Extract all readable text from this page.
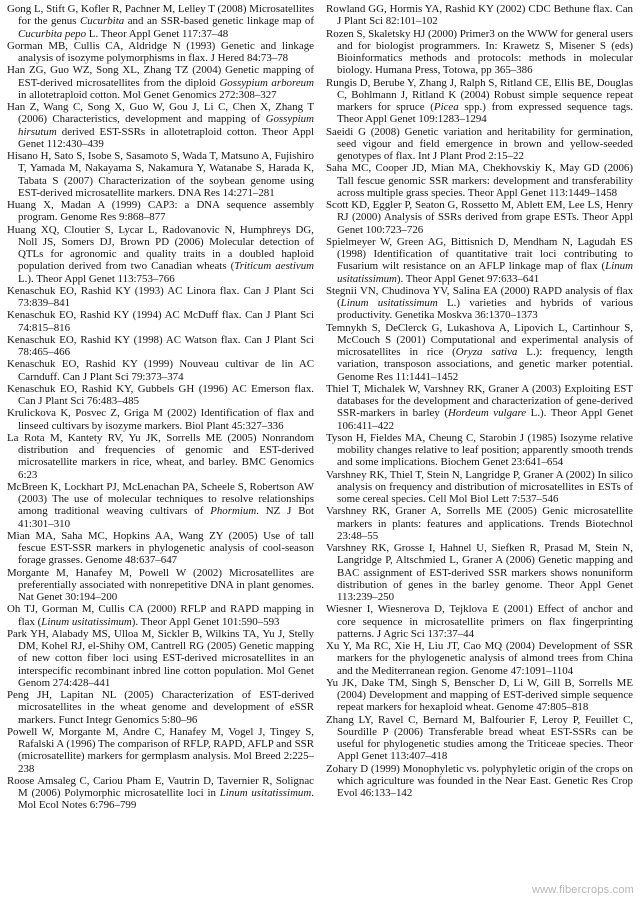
Gong L, Stift G, Kofler R, Pachner M, Lelley T (2008) Microsatellites for the genus Cucurbita and an SSR-based genetic linkage map of Cucurbita pepo L. Theor Appl Genet 117:37–48

Gorman MB, Cullis CA, Aldridge N (1993) Genetic and linkage analysis of isozyme polymorphisms in flax. J Hered 84:73–78

Han ZG, Guo WZ, Song XL, Zhang TZ (2004) Genetic mapping of EST-derived microsatellites from the diploid Gossypium arboreum in allotetraploid cotton. Mol Genet Genomics 272:308–327

Han Z, Wang C, Song X, Guo W, Gou J, Li C, Chen X, Zhang T (2006) Characteristics, development and mapping of Gossypium hirsutum derived EST-SSRs in allotetraploid cotton. Theor Appl Genet 112:430–439

Hisano H, Sato S, Isobe S, Sasamoto S, Wada T, Matsuno A, Fujishiro T, Yamada M, Nakayama S, Nakamura Y, Watanabe S, Harada K, Tabata S (2007) Characterization of the soybean genome using EST-derived microsatellite markers. DNA Res 14:271–281

Huang X, Madan A (1999) CAP3: a DNA sequence assembly program. Genome Res 9:868–877

Huang XQ, Cloutier S, Lycar L, Radovanovic N, Humphreys DG, Noll JS, Somers DJ, Brown PD (2006) Molecular detection of QTLs for agronomic and quality traits in a doubled haploid population derived from two Canadian wheats (Triticum aestivum L.). Theor Appl Genet 113:753–766

Kenaschuk EO, Rashid KY (1993) AC Linora flax. Can J Plant Sci 73:839–841

Kenaschuk EO, Rashid KY (1994) AC McDuff flax. Can J Plant Sci 74:815–816

Kenaschuk EO, Rashid KY (1998) AC Watson flax. Can J Plant Sci 78:465–466

Kenaschuk EO, Rashid KY (1999) Nouveau cultivar de lin AC Carnduff. Can J Plant Sci 79:373–374

Kenaschuk EO, Rashid KY, Gubbels GH (1996) AC Emerson flax. Can J Plant Sci 76:483–485

Krulickova K, Posvec Z, Griga M (2002) Identification of flax and linseed cultivars by isozyme markers. Biol Plant 45:327–336

La Rota M, Kantety RV, Yu JK, Sorrells ME (2005) Nonrandom distribution and frequencies of genomic and EST-derived microsatellite markers in rice, wheat, and barley. BMC Genomics 6:23

McBreen K, Lockhart PJ, McLenachan PA, Scheele S, Robertson AW (2003) The use of molecular techniques to resolve relationships among traditional weaving cultivars of Phormium. NZ J Bot 41:301–310

Mian MA, Saha MC, Hopkins AA, Wang ZY (2005) Use of tall fescue EST-SSR markers in phylogenetic analysis of cool-season forage grasses. Genome 48:637–647

Morgante M, Hanafey M, Powell W (2002) Microsatellites are preferentially associated with nonrepetitive DNA in plant genomes. Nat Genet 30:194–200

Oh TJ, Gorman M, Cullis CA (2000) RFLP and RAPD mapping in flax (Linum usitatissimum). Theor Appl Genet 101:590–593

Park YH, Alabady MS, Ulloa M, Sickler B, Wilkins TA, Yu J, Stelly DM, Kohel RJ, el-Shihy OM, Cantrell RG (2005) Genetic mapping of new cotton fiber loci using EST-derived microsatellites in an interspecific recombinant inbred line cotton population. Mol Genet Genom 274:428–441

Peng JH, Lapitan NL (2005) Characterization of EST-derived microsatellites in the wheat genome and development of eSSR markers. Funct Integr Genomics 5:80–96

Powell W, Morgante M, Andre C, Hanafey M, Vogel J, Tingey S, Rafalski A (1996) The comparison of RFLP, RAPD, AFLP and SSR (microsatellite) markers for germplasm analysis. Mol Breed 2:225–238

Roose Amsaleg C, Cariou Pham E, Vautrin D, Tavernier R, Solignac M (2006) Polymorphic microsatellite loci in Linum usitatissimum. Mol Ecol Notes 6:796–799

Rowland GG, Hormis YA, Rashid KY (2002) CDC Bethune flax. Can J Plant Sci 82:101–102

Rozen S, Skaletsky HJ (2000) Primer3 on the WWW for general users and for biologist programmers. In: Krawetz S, Misener S (eds) Bioinformatics methods and protocols: methods in molecular biology. Humana Press, Totowa, pp 365–386

Rungis D, Berube Y, Zhang J, Ralph S, Ritland CE, Ellis BE, Douglas C, Bohlmann J, Ritland K (2004) Robust simple sequence repeat markers for spruce (Picea spp.) from expressed sequence tags. Theor Appl Genet 109:1283–1294

Saeidi G (2008) Genetic variation and heritability for germination, seed vigour and field emergence in brown and yellow-seeded genotypes of flax. Int J Plant Prod 2:15–22

Saha MC, Cooper JD, Mian MA, Chekhovskiy K, May GD (2006) Tall fescue genomic SSR markers: development and transferability across multiple grass species. Theor Appl Genet 113:1449–1458

Scott KD, Eggler P, Seaton G, Rossetto M, Ablett EM, Lee LS, Henry RJ (2000) Analysis of SSRs derived from grape ESTs. Theor Appl Genet 100:723–726

Spielmeyer W, Green AG, Bittisnich D, Mendham N, Lagudah ES (1998) Identification of quantitative trait loci contributing to Fusarium wilt resistance on an AFLP linkage map of flax (Linum usitatissimum). Theor Appl Genet 97:633–641

Stegnii VN, Chudinova YV, Salina EA (2000) RAPD analysis of flax (Linum usitatissimum L.) varieties and hybrids of various productivity. Genetika Moskva 36:1370–1373

Temnykh S, DeClerck G, Lukashova A, Lipovich L, Cartinhour S, McCouch S (2001) Computational and experimental analysis of microsatellites in rice (Oryza sativa L.): frequency, length variation, transposon associations, and genetic marker potential. Genome Res 11:1441–1452

Thiel T, Michalek W, Varshney RK, Graner A (2003) Exploiting EST databases for the development and characterization of gene-derived SSR-markers in barley (Hordeum vulgare L.). Theor Appl Genet 106:411–422

Tyson H, Fieldes MA, Cheung C, Starobin J (1985) Isozyme relative mobility changes relative to leaf position; apparently smooth trends and some implications. Biochem Genet 23:641–654

Varshney RK, Thiel T, Stein N, Langridge P, Graner A (2002) In silico analysis on frequency and distribution of microsatellites in ESTs of some cereal species. Cell Mol Biol Lett 7:537–546

Varshney RK, Graner A, Sorrells ME (2005) Genic microsatellite markers in plants: features and applications. Trends Biotechnol 23:48–55

Varshney RK, Grosse I, Hahnel U, Siefken R, Prasad M, Stein N, Langridge P, Altschmied L, Graner A (2006) Genetic mapping and BAC assignment of EST-derived SSR markers shows nonuniform distribution of genes in the barley genome. Theor Appl Genet 113:239–250

Wiesner I, Wiesnerova D, Tejklova E (2001) Effect of anchor and core sequence in microsatellite primers on flax fingerprinting patterns. J Agric Sci 137:37–44

Xu Y, Ma RC, Xie H, Liu JT, Cao MQ (2004) Development of SSR markers for the phylogenetic analysis of almond trees from China and the Mediterranean region. Genome 47:1091–1104

Yu JK, Dake TM, Singh S, Benscher D, Li W, Gill B, Sorrells ME (2004) Development and mapping of EST-derived simple sequence repeat markers for hexaploid wheat. Genome 47:805–818

Zhang LY, Ravel C, Bernard M, Balfourier F, Leroy P, Feuillet C, Sourdille P (2006) Transferable bread wheat EST-SSRs can be useful for phylogenetic studies among the Triticeae species. Theor Appl Genet 113:407–418

Zohary D (1999) Monophyletic vs. polyphyletic origin of the crops on which agriculture was founded in the Near East. Genetic Res Crop Evol 46:133–142

www.fibercrops.com
